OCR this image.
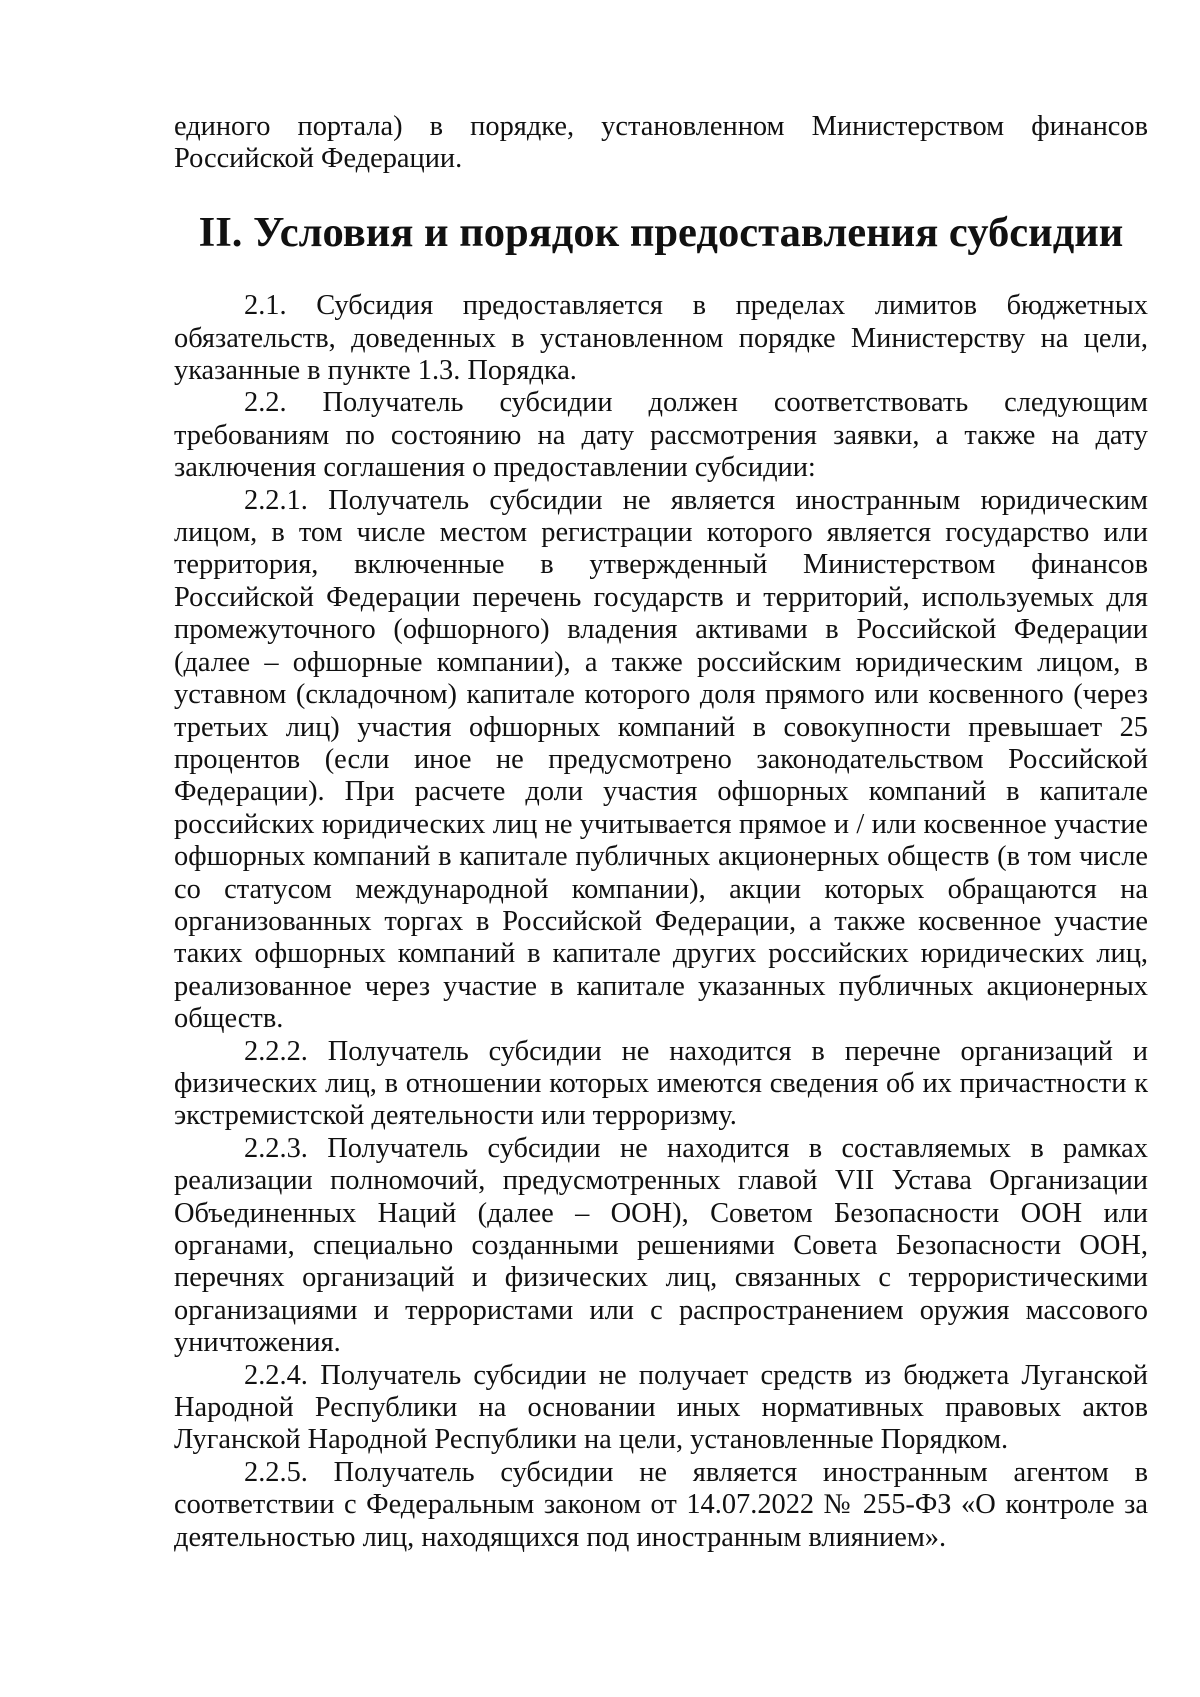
единого портала) в порядке, установленном Министерством финансов Российской Федерации.

II. Условия и порядок предоставления субсидии

2.1. Субсидия предоставляется в пределах лимитов бюджетных обязательств, доведенных в установленном порядке Министерству на цели, указанные в пункте 1.3. Порядка.

2.2. Получатель субсидии должен соответствовать следующим требованиям по состоянию на дату рассмотрения заявки, а также на дату заключения соглашения о предоставлении субсидии:

2.2.1. Получатель субсидии не является иностранным юридическим лицом, в том числе местом регистрации которого является государство или территория, включенные в утвержденный Министерством финансов Российской Федерации перечень государств и территорий, используемых для промежуточного (офшорного) владения активами в Российской Федерации (далее – офшорные компании), а также российским юридическим лицом, в уставном (складочном) капитале которого доля прямого или косвенного (через третьих лиц) участия офшорных компаний в совокупности превышает 25 процентов (если иное не предусмотрено законодательством Российской Федерации). При расчете доли участия офшорных компаний в капитале российских юридических лиц не учитывается прямое и / или косвенное участие офшорных компаний в капитале публичных акционерных обществ (в том числе со статусом международной компании), акции которых обращаются на организованных торгах в Российской Федерации, а также косвенное участие таких офшорных компаний в капитале других российских юридических лиц, реализованное через участие в капитале указанных публичных акционерных обществ.

2.2.2. Получатель субсидии не находится в перечне организаций и физических лиц, в отношении которых имеются сведения об их причастности к экстремистской деятельности или терроризму.

2.2.3. Получатель субсидии не находится в составляемых в рамках реализации полномочий, предусмотренных главой VII Устава Организации Объединенных Наций (далее – ООН), Советом Безопасности ООН или органами, специально созданными решениями Совета Безопасности ООН, перечнях организаций и физических лиц, связанных с террористическими организациями и террористами или с распространением оружия массового уничтожения.

2.2.4. Получатель субсидии не получает средств из бюджета Луганской Народной Республики на основании иных нормативных правовых актов Луганской Народной Республики на цели, установленные Порядком.

2.2.5. Получатель субсидии не является иностранным агентом в соответствии с Федеральным законом от 14.07.2022 № 255-ФЗ «О контроле за деятельностью лиц, находящихся под иностранным влиянием».
